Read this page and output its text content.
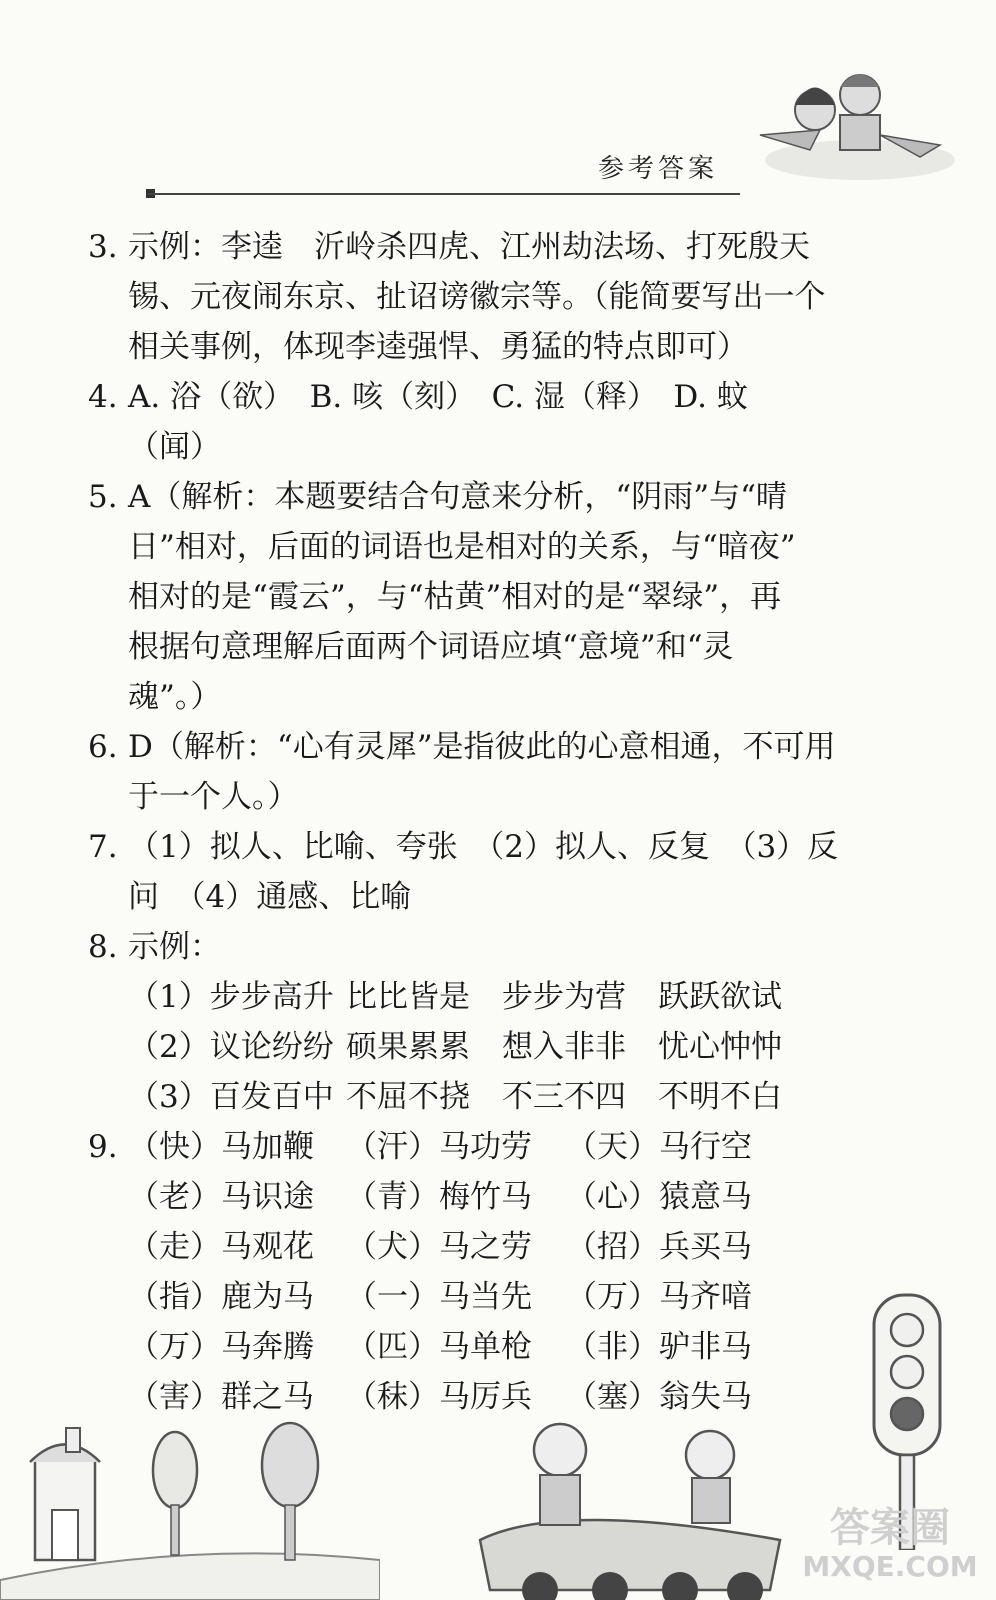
参考答案
3. 示例：李逵　沂岭杀四虎、江州劫法场、打死殷天
锡、元夜闹东京、扯诏谤徽宗等。（能简要写出一个
相关事例，体现李逵强悍、勇猛的特点即可）
4. A. 浴（欲）　B. 咳（刻）　C. 湿（释）　D. 蚊
（闻）
5. A（解析：本题要结合句意来分析，“阴雨”与“晴
日”相对，后面的词语也是相对的关系，与“暗夜”
相对的是“霞云”，与“枯黄”相对的是“翠绿”，再
根据句意理解后面两个词语应填“意境”和“灵
魂”。）
6. D（解析：“心有灵犀”是指彼此的心意相通，不可用
于一个人。）
7. （1）拟人、比喻、夸张　（2）拟人、反复　（3）反
问　（4）通感、比喻
8. 示例：
（1）步步高升 比比皆是	步步为营	跃跃欲试
（2）议论纷纷 硕果累累	想入非非	忧心忡忡
（3）百发百中 不屈不挠	不三不四	不明不白
9. （快）马加鞭	（汗）马功劳	（天）马行空
（老）马识途	（青）梅竹马	（心）猿意马
（走）马观花	（犬）马之劳	（招）兵买马
（指）鹿为马	（一）马当先	（万）马齐喑
（万）马奔腾	（匹）马单枪	（非）驴非马
（害）群之马	（秣）马厉兵	（塞）翁失马
答案圈
MXQE.COM
